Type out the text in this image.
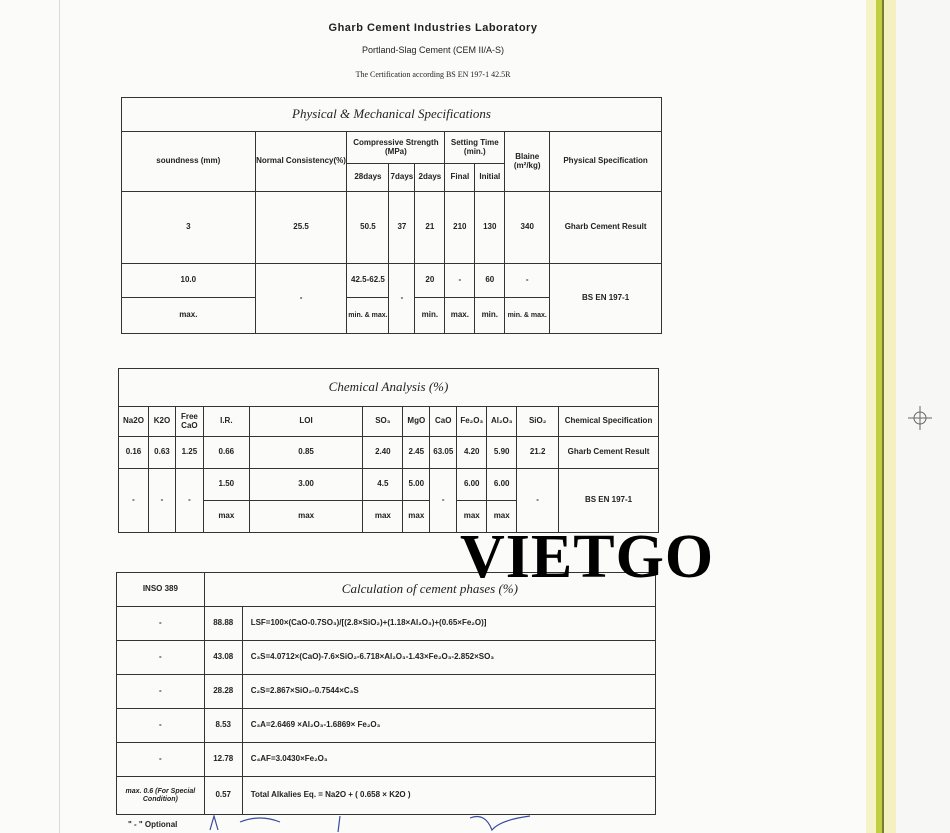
Gharb Cement Industries Laboratory
Portland-Slag Cement (CEM II/A-S)
The Certification according BS EN 197-1 42.5R
Physical & Mechanical Specifications								
soundness (mm)	Normal Consistency(%)	Compressive Strength (MPa)			Setting Time (min.)		Blaine (m²/kg)	Physical Specification
		28days	7days	2days	Final	Initial		
3	25.5	50.5	37	21	210	130	340	Gharb Cement Result
10.0	-	42.5-62.5	-	20	-	60	-	BS EN 197-1
max.		min. & max.		min.	max.	min.	min. & max.	
Chemical Analysis (%)											
Na2O	K2O	Free CaO	I.R.	LOI	SO₃	MgO	CaO	Fe₂O₃	Al₂O₃	SiO₂	Chemical Specification
0.16	0.63	1.25	0.66	0.85	2.40	2.45	63.05	4.20	5.90	21.2	Gharb Cement Result
-	-	-	1.50	3.00	4.5	5.00	-	6.00	6.00	-	BS EN 197-1
			max	max	max	max		max	max		
INSO 389	Calculation of cement phases (%)	
-	88.88	LSF=100×(CaO-0.7SO₃)/[(2.8×SiO₂)+(1.18×Al₂O₃)+(0.65×Fe₂O)]
-	43.08	C₃S=4.0712×(CaO)-7.6×SiO₂-6.718×Al₂O₃-1.43×Fe₂O₃-2.852×SO₃
-	28.28	C₂S=2.867×SiO₂-0.7544×C₃S
-	8.53	C₃A=2.6469 ×Al₂O₃-1.6869× Fe₂O₃
-	12.78	C₄AF=3.0430×Fe₂O₃
max. 0.6 (For Special Condition)	0.57	Total Alkalies Eq. = Na2O + ( 0.658 × K2O )
VIETGO
" - " Optional
